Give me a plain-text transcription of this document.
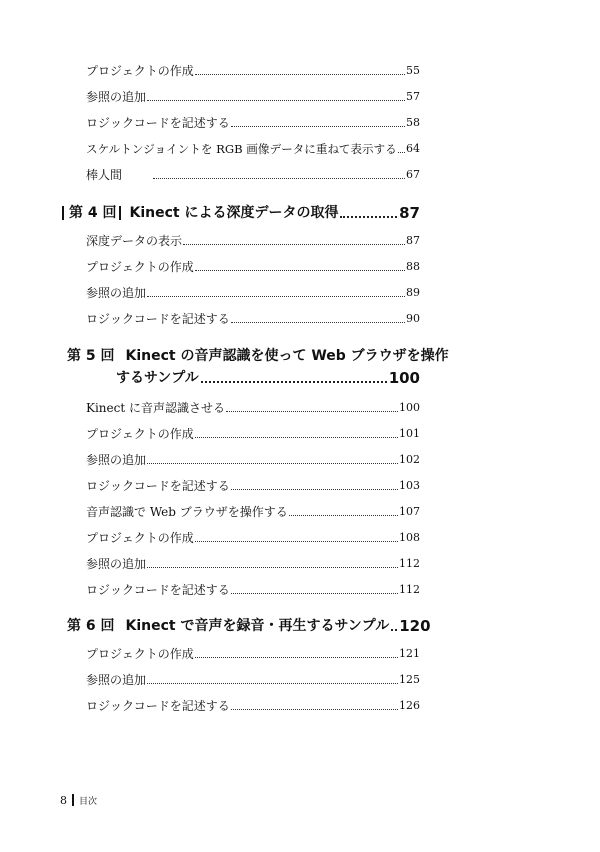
プロジェクトの作成	55
参照の追加	57
ロジックコードを記述する	58
スケルトンジョイントを RGB 画像データに重ねて表示する 64
棒人間	67
第 4 回 Kinect による深度データの取得	87
深度データの表示	87
プロジェクトの作成	88
参照の追加	89
ロジックコードを記述する	90
第 5 回 Kinect の音声認識を使って Web ブラウザを操作
するサンプル	100
Kinect に音声認識させる	100
プロジェクトの作成	101
参照の追加	102
ロジックコードを記述する	103
音声認識で Web ブラウザを操作する	107
プロジェクトの作成	108
参照の追加	112
ロジックコードを記述する	112
第 6 回 Kinect で音声を録音・再生するサンプル 120
プロジェクトの作成	121
参照の追加	125
ロジックコードを記述する	126
8 目次
